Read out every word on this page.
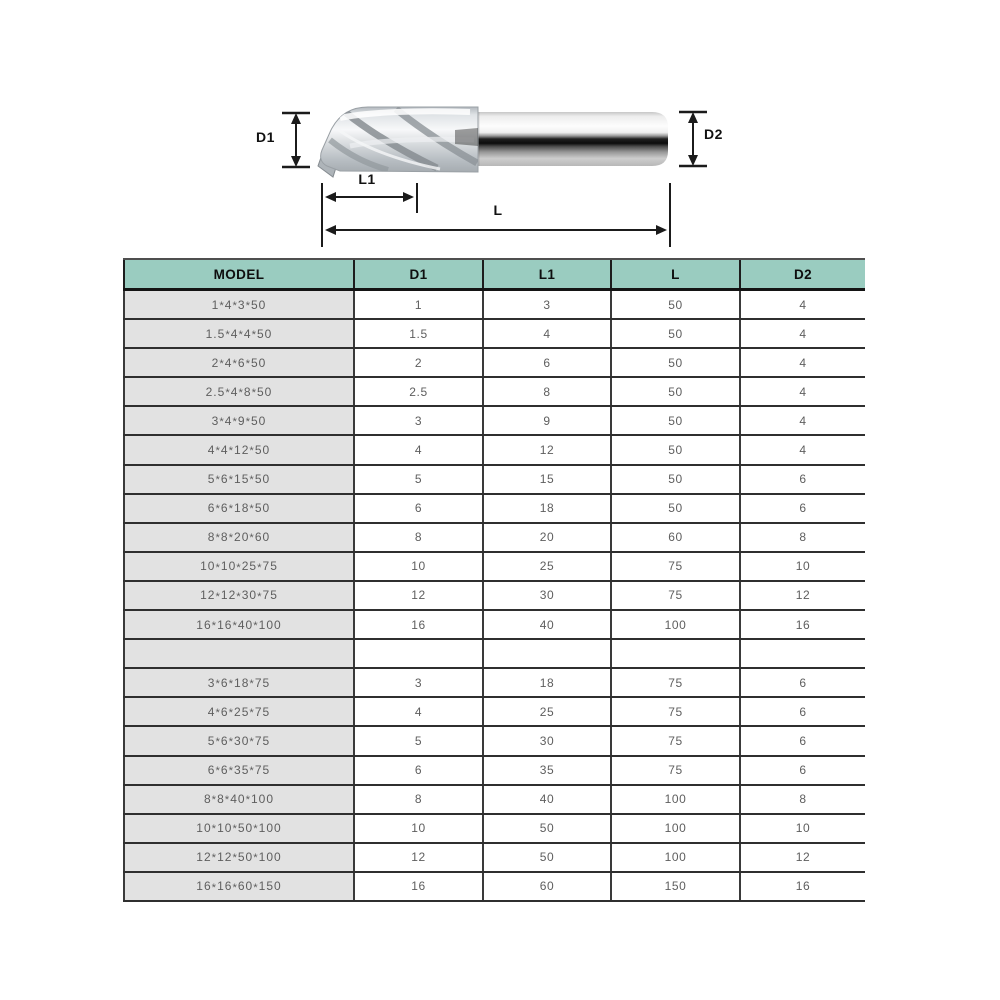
D1	D2
L1
L
MODEL	D1	L1	L	D2
1 * 4 * 3 * 50	1	3	50	4
1.5 * 4 * 4 * 50	1.5	4	50	4
2 * 4 * 6 * 50	2	6	50	4
2.5 * 4 * 8 * 50	2.5	8	50	4
3 * 4 * 9 * 50	3	9	50	4
4 * 4 * 12 * 50	4	12	50	4
5 * 6 * 15 * 50	5	15	50	6
6 * 6 * 18 * 50	6	18	50	6
8 * 8 * 20 * 60	8	20	60	8
10 * 10 * 25 * 75	10	25	75	10
12 * 12 * 30 * 75	12	30	75	12
16 * 16 * 40 * 100	16	40	100	16
3 * 6 * 18 * 75	3	18	75	6
4 * 6 * 25 * 75	4	25	75	6
5 * 6 * 30 * 75	5	30	75	6
6 * 6 * 35 * 75	6	35	75	6
8 * 8 * 40 * 100	8	40	100	8
10 * 10 * 50 * 100	10	50	100	10
12 * 12 * 50 * 100	12	50	100	12
16 * 16 * 60 * 150	16	60	150	16
